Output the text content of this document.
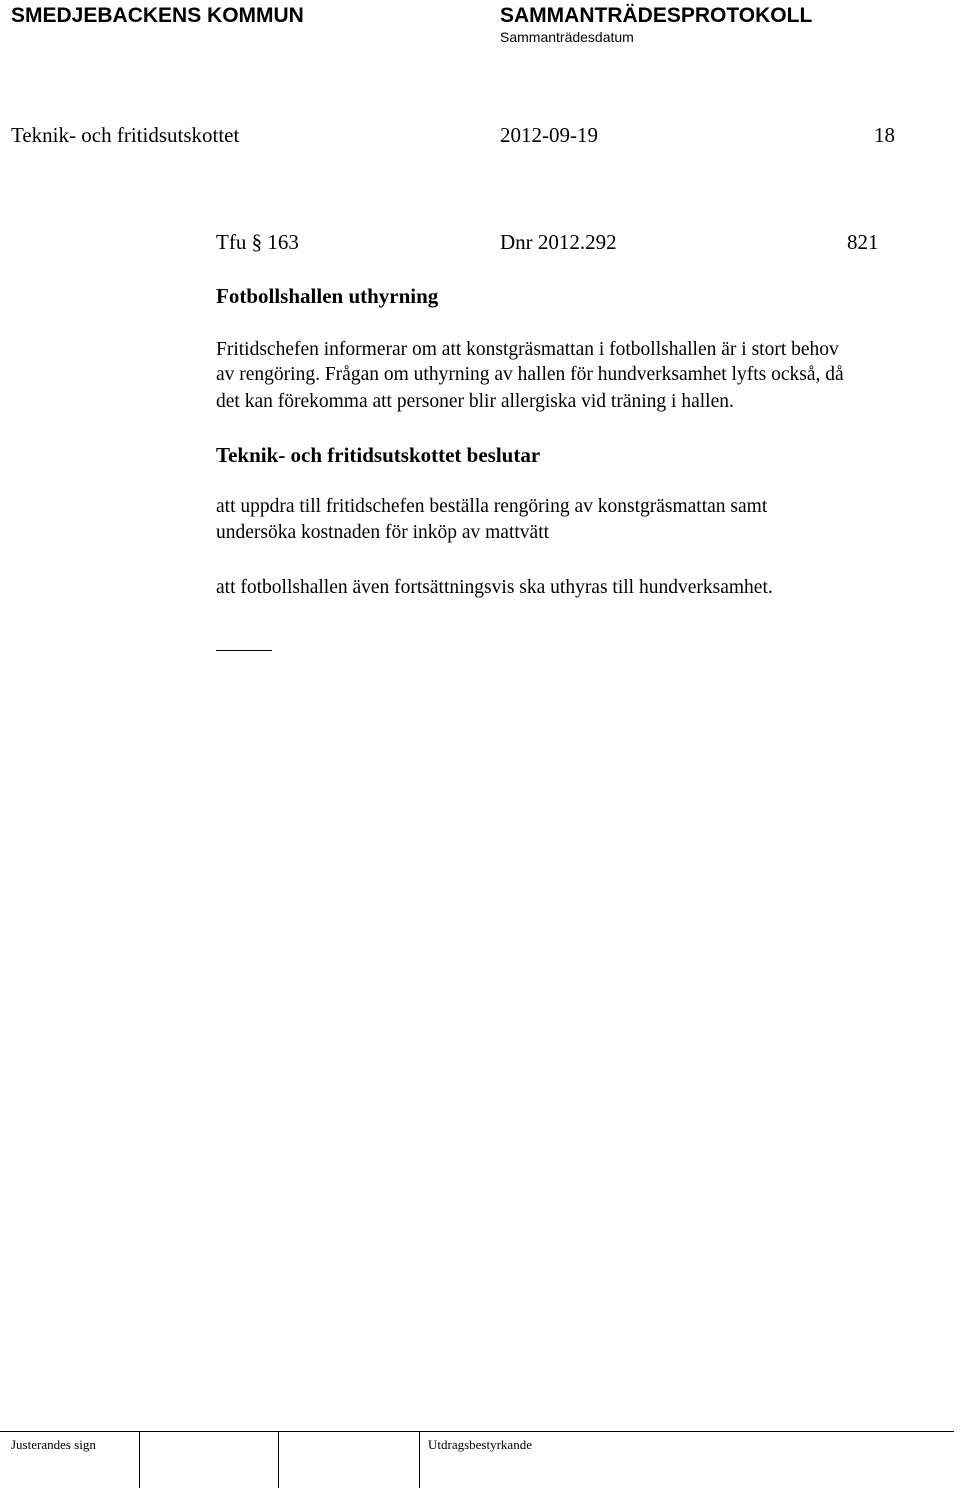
SMEDJEBACKENS KOMMUN	SAMMANTRÄDESPROTOKOLL
Sammanträdesdatum
Teknik- och fritidsutskottet	2012-09-19	18
Tfu § 163	Dnr 2012.292	821
Fotbollshallen uthyrning
Fritidschefen informerar om att konstgräsmattan i fotbollshallen är i stort behov
av rengöring. Frågan om uthyrning av hallen för hundverksamhet lyfts också, då
det kan förekomma att personer blir allergiska vid träning i hallen.
Teknik- och fritidsutskottet beslutar
att uppdra till fritidschefen beställa rengöring av konstgräsmattan samt
undersöka kostnaden för inköp av mattvätt
att fotbollshallen även fortsättningsvis ska uthyras till hundverksamhet.
Justerandes sign	Utdragsbestyrkande
